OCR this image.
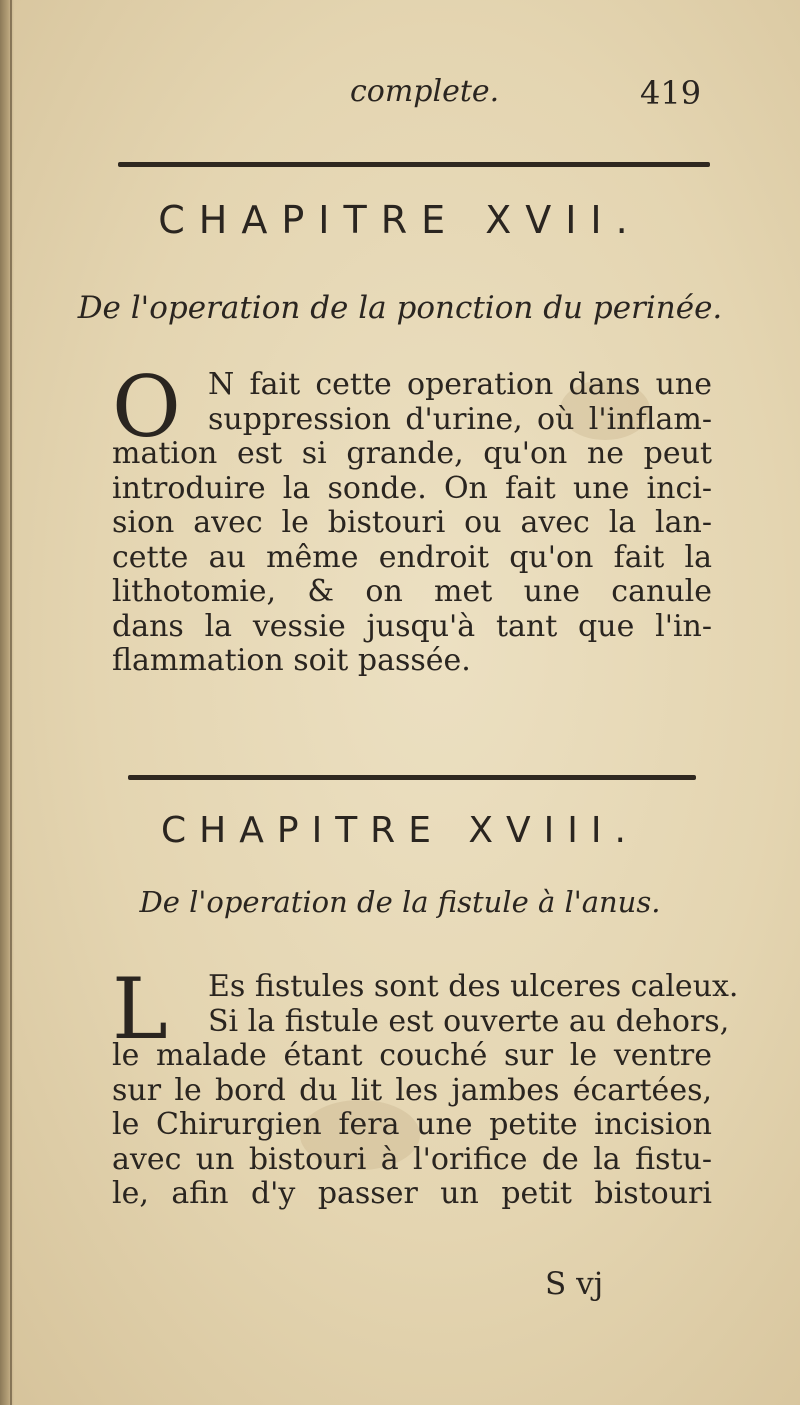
complete.	419
CHAPITRE XVII.
De l'operation de la ponction du perinée.
O N fait cette operation dans une
suppression d'urine, où l'inflam-
mation est si grande, qu'on ne peut
introduire la sonde. On fait une inci-
sion avec le bistouri ou avec la lan-
cette au même endroit qu'on fait la
lithotomie, & on met une canule
dans la vessie jusqu'à tant que l'in-
flammation soit passée.
CHAPITRE XVIII.
De l'operation de la fistule à l'anus.
L	Es fistules sont des ulceres caleux.
Si la fistule est ouverte au dehors,
le malade étant couché sur le ventre
sur le bord du lit les jambes écartées,
le Chirurgien fera une petite incision
avec un bistouri à l'orifice de la fistu-
le, afin d'y passer un petit bistouri
S vj
